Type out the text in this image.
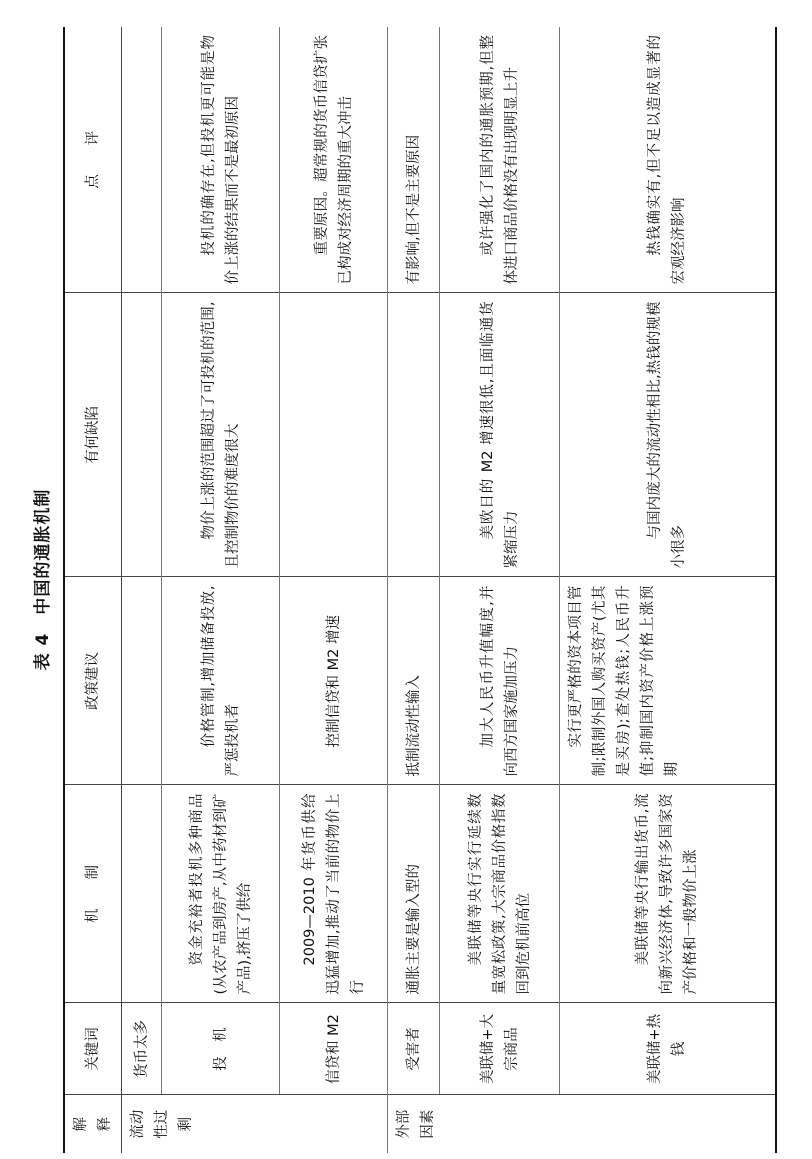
表 4中国的通胀机制
解　释	关键词	机　　制	政策建议	有何缺陷	点　　评
流动性过剩	货币太多				
	投　机	资金充裕者投机多种商品(从农产品到房产,从中药材到矿产品),挤压了供给	价格管制,增加储备投放,严惩投机者	物价上涨的范围超过了可投机的范围,且控制物价的难度很大	投机的确存在,但投机更可能是物价上涨的结果而不是最初原因
	信贷和 M2	2009—2010 年货币供给迅猛增加,推动了当前的物价上行	控制信贷和 M2 增速		重要原因。超常规的货币信贷扩张已构成对经济周期的重大冲击
外部因素	受害者	通胀主要是输入型的	抵制流动性输入		有影响,但不是主要原因
	美联储+大宗商品	美联储等央行实行延续数量宽松政策,大宗商品价格指数回到危机前高位	加大人民币升值幅度,并向西方国家施加压力	美欧日的 M2 增速很低,且面临通货紧缩压力	或许强化了国内的通胀预期,但整体进口商品价格没有出现明显上升
	美联储+热钱	美联储等央行输出货币,流向新兴经济体,导致许多国家资产价格和一般物价上涨	实行更严格的资本项目管制;限制外国人购买资产(尤其是买房);查处热钱;人民币升值;抑制国内资产价格上涨预期	与国内庞大的流动性相比,热钱的规模小很多	热钱确实有,但不足以造成显著的宏观经济影响
